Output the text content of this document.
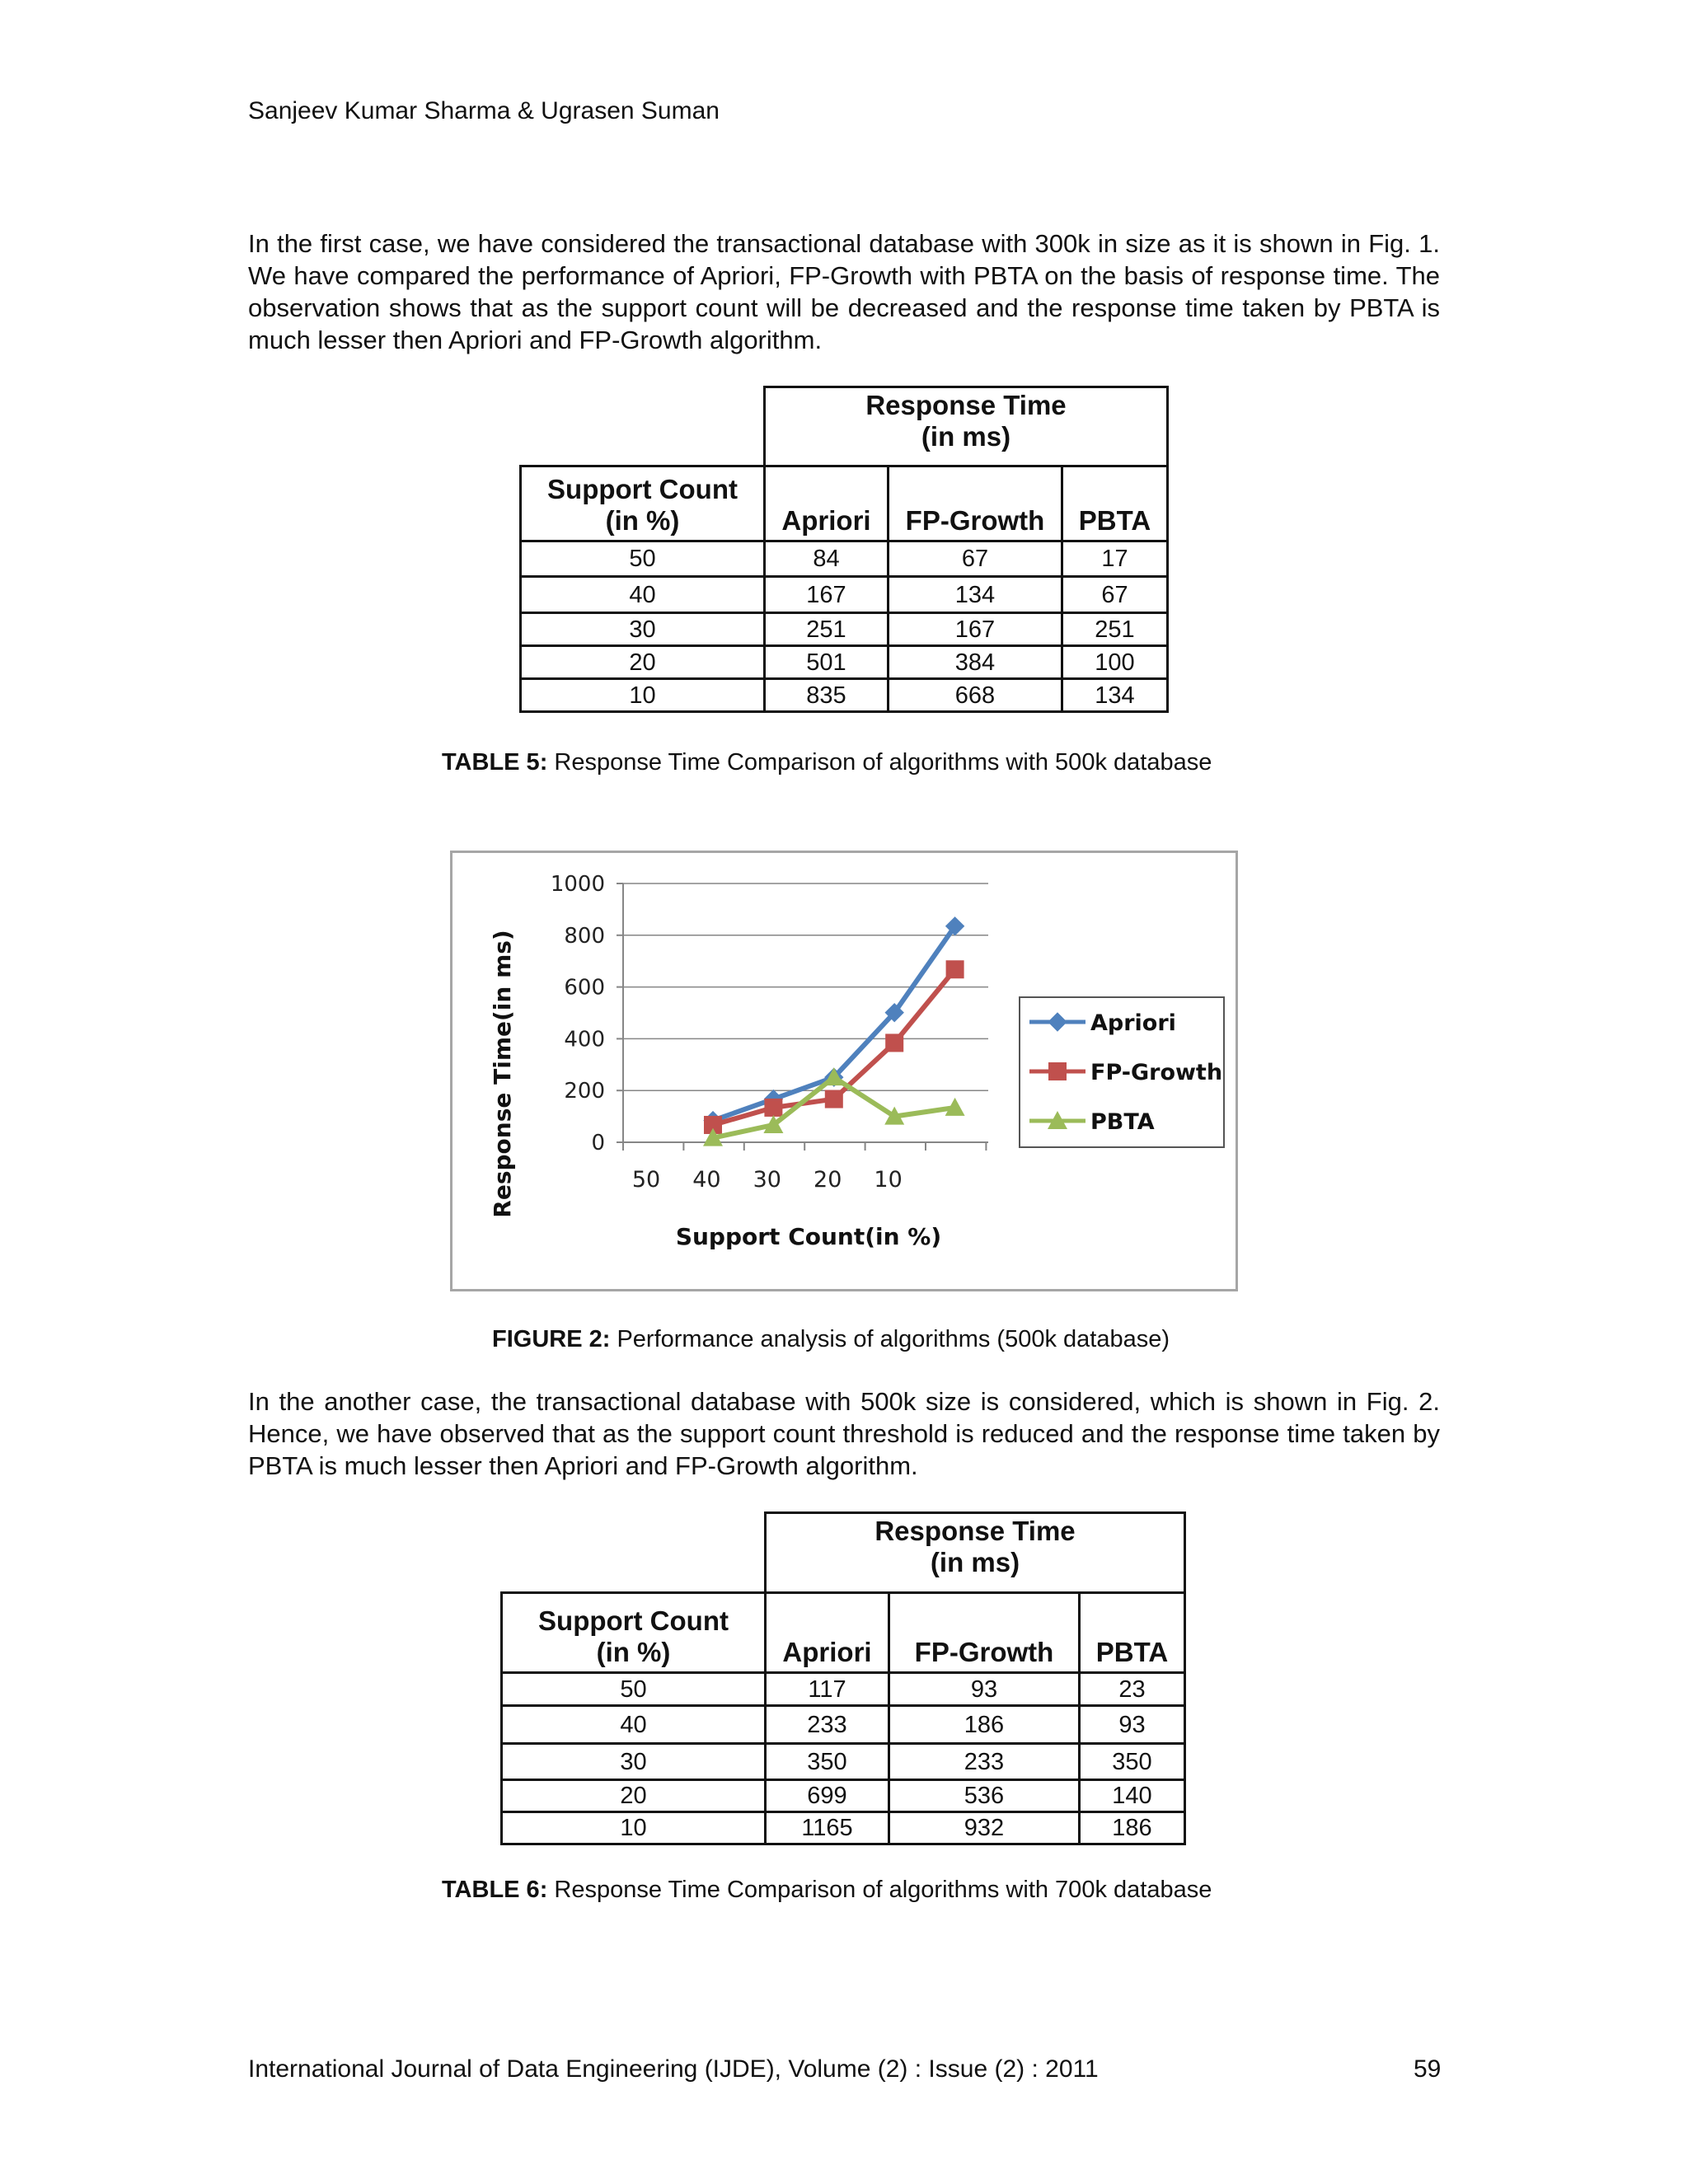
Sanjeev Kumar Sharma & Ugrasen Suman

In the first case, we have considered the transactional database with 300k in size as it is shown in Fig. 1. We have compared the performance of Apriori, FP-Growth with PBTA on the basis of response time. The observation shows that as the support count will be decreased and the response time taken by PBTA is much lesser then Apriori and FP-Growth algorithm.

	Response Time
(in ms)		

Support Count
(in %)	Apriori	FP-Growth	PBTA
50	84	67	17
40	167	134	67
30	251	167	251
20	501	384	100
10	835	668	134
TABLE 5: Response Time Comparison of algorithms with 500k database
0
200
400
600
800
1000
50 40 30 20 10
Response Time(in ms)
Support Count(in %)
Apriori
FP-Growth
PBTA
FIGURE 2: Performance analysis of algorithms (500k database)

In the another case, the transactional database with 500k size is considered, which is shown in Fig. 2. Hence, we have observed that as the support count threshold is reduced and the response time taken by PBTA is much lesser then Apriori and FP-Growth algorithm.

	Response Time
(in ms)		

Support Count
(in %)	Apriori	FP-Growth	PBTA
50	117	93	23
40	233	186	93
30	350	233	350
20	699	536	140
10	1165	932	186
TABLE 6: Response Time Comparison of algorithms with 700k database
International Journal of Data Engineering (IJDE), Volume (2) : Issue (2) : 2011	59
